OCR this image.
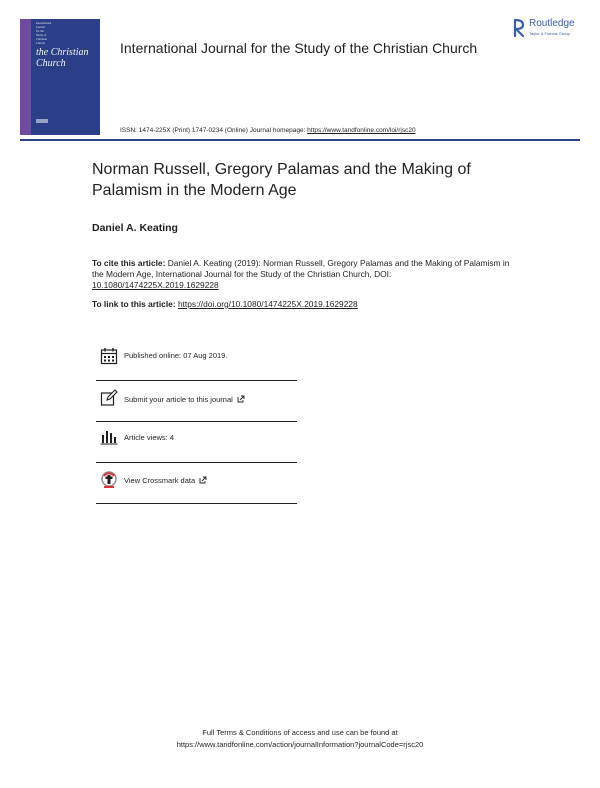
International
Journal
for the
Study of
Christian
Church
the Christian Church
International Journal for the Study of the Christian Church
Routledge
Taylor & Francis Group
ISSN: 1474-225X (Print) 1747-0234 (Online) Journal homepage: https://www.tandfonline.com/loi/rjsc20
Norman Russell, Gregory Palamas and the Making of Palamism in the Modern Age
Daniel A. Keating
To cite this article: Daniel A. Keating (2019): Norman Russell, Gregory Palamas and the Making of Palamism in the Modern Age, International Journal for the Study of the Christian Church, DOI: 10.1080/1474225X.2019.1629228
To link to this article: https://doi.org/10.1080/1474225X.2019.1629228
Published online: 07 Aug 2019.
Submit your article to this journal
Article views: 4
View Crossmark data
Full Terms & Conditions of access and use can be found at
https://www.tandfonline.com/action/journalInformation?journalCode=rjsc20
